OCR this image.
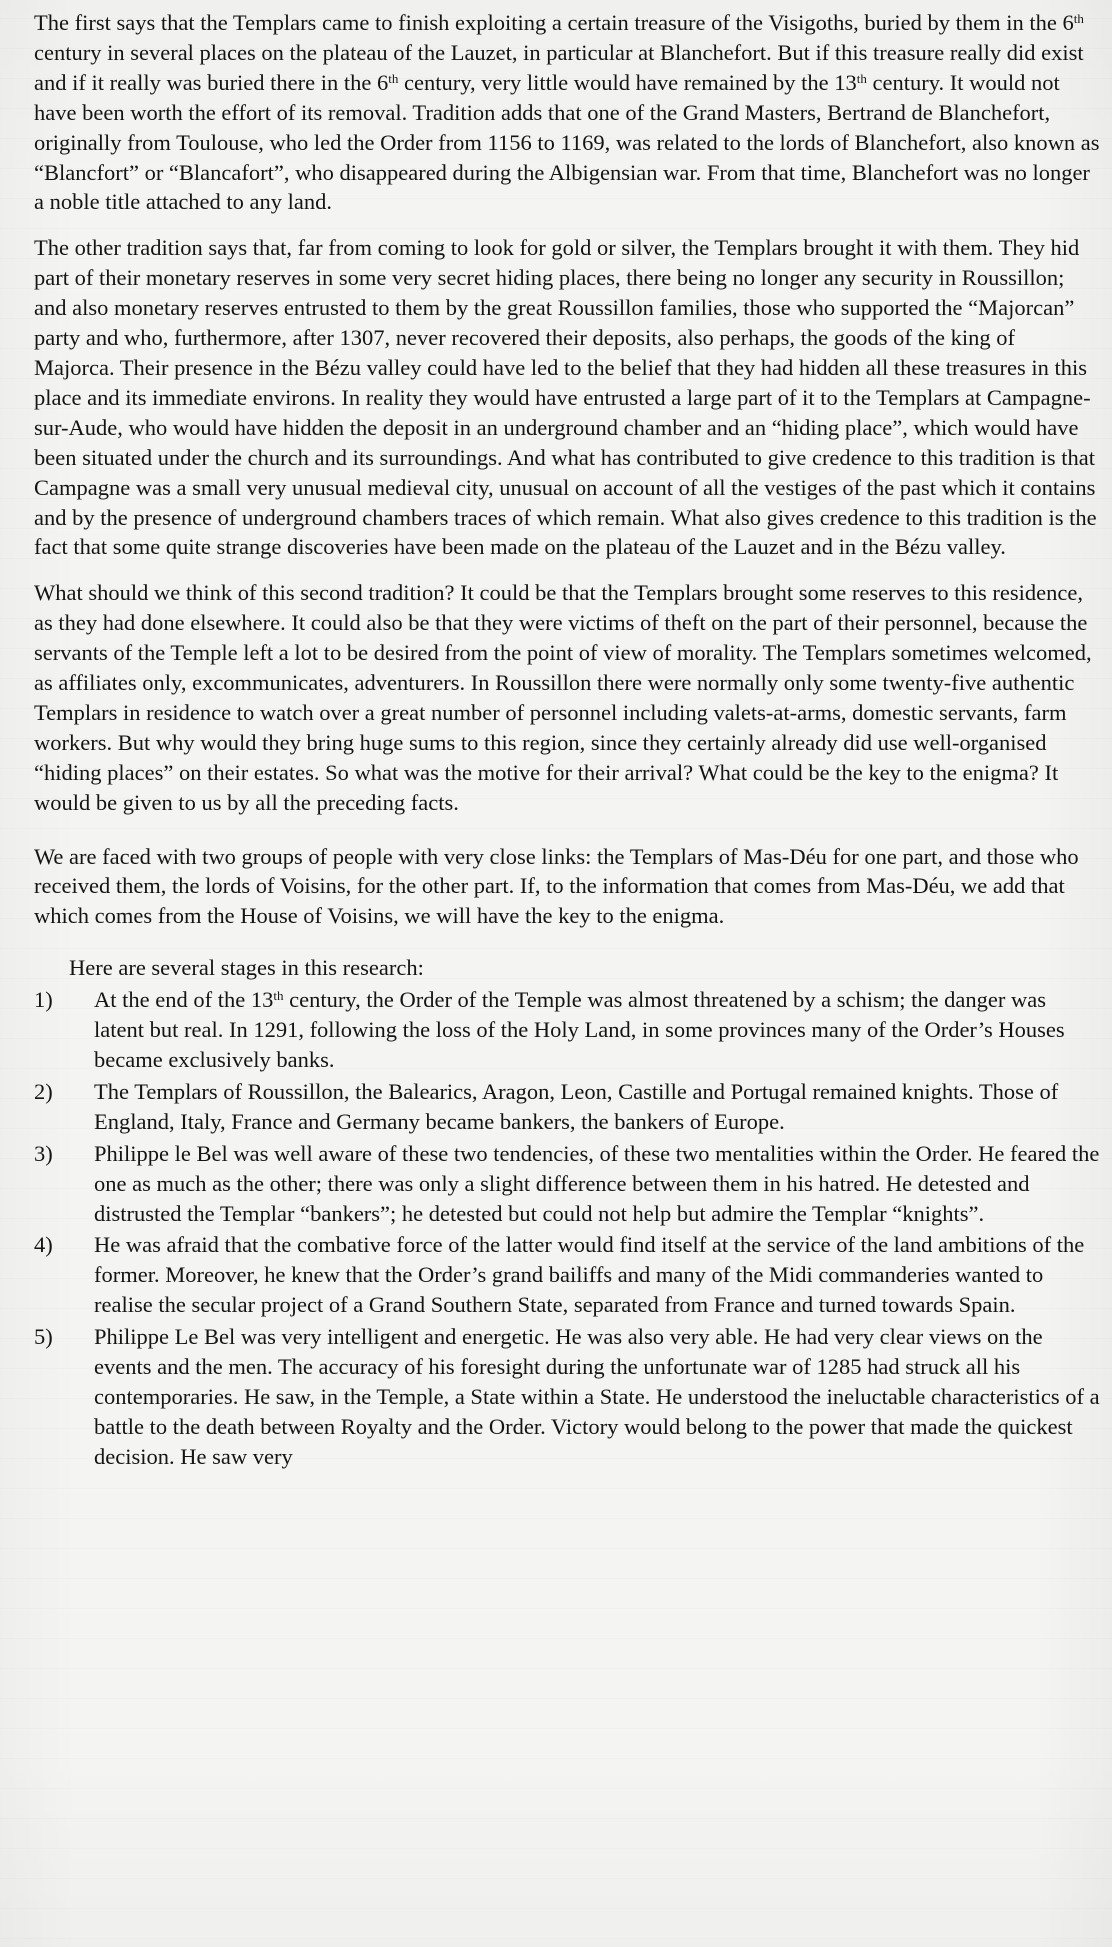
The first says that the Templars came to finish exploiting a certain treasure of the Visigoths, buried by them in the 6th century in several places on the plateau of the Lauzet, in particular at Blanchefort. But if this treasure really did exist and if it really was buried there in the 6th century, very little would have remained by the 13th century. It would not have been worth the effort of its removal. Tradition adds that one of the Grand Masters, Bertrand de Blanchefort, originally from Toulouse, who led the Order from 1156 to 1169, was related to the lords of Blanchefort, also known as “Blancfort” or “Blancafort”, who disappeared during the Albigensian war. From that time, Blanchefort was no longer a noble title attached to any land.

The other tradition says that, far from coming to look for gold or silver, the Templars brought it with them. They hid part of their monetary reserves in some very secret hiding places, there being no longer any security in Roussillon; and also monetary reserves entrusted to them by the great Roussillon families, those who supported the “Majorcan” party and who, furthermore, after 1307, never recovered their deposits, also perhaps, the goods of the king of Majorca. Their presence in the Bézu valley could have led to the belief that they had hidden all these treasures in this place and its immediate environs. In reality they would have entrusted a large part of it to the Templars at Campagne-sur-Aude, who would have hidden the deposit in an underground chamber and an “hiding place”, which would have been situated under the church and its surroundings. And what has contributed to give credence to this tradition is that Campagne was a small very unusual medieval city, unusual on account of all the vestiges of the past which it contains and by the presence of underground chambers traces of which remain. What also gives credence to this tradition is the fact that some quite strange discoveries have been made on the plateau of the Lauzet and in the Bézu valley.

What should we think of this second tradition? It could be that the Templars brought some reserves to this residence, as they had done elsewhere. It could also be that they were victims of theft on the part of their personnel, because the servants of the Temple left a lot to be desired from the point of view of morality. The Templars sometimes welcomed, as affiliates only, excommunicates, adventurers. In Roussillon there were normally only some twenty-five authentic Templars in residence to watch over a great number of personnel including valets-at-arms, domestic servants, farm workers. But why would they bring huge sums to this region, since they certainly already did use well-organised “hiding places” on their estates. So what was the motive for their arrival? What could be the key to the enigma? It would be given to us by all the preceding facts.

We are faced with two groups of people with very close links: the Templars of Mas-Déu for one part, and those who received them, the lords of Voisins, for the other part. If, to the information that comes from Mas-Déu, we add that which comes from the House of Voisins, we will have the key to the enigma.

Here are several stages in this research:

1)	At the end of the 13th century, the Order of the Temple was almost threatened by a schism; the danger was latent but real. In 1291, following the loss of the Holy Land, in some provinces many of the Order’s Houses became exclusively banks.
2)	The Templars of Roussillon, the Balearics, Aragon, Leon, Castille and Portugal remained knights. Those of England, Italy, France and Germany became bankers, the bankers of Europe.
3)	Philippe le Bel was well aware of these two tendencies, of these two mentalities within the Order. He feared the one as much as the other; there was only a slight difference between them in his hatred. He detested and distrusted the Templar “bankers”; he detested but could not help but admire the Templar “knights”.
4)	He was afraid that the combative force of the latter would find itself at the service of the land ambitions of the former. Moreover, he knew that the Order’s grand bailiffs and many of the Midi commanderies wanted to realise the secular project of a Grand Southern State, separated from France and turned towards Spain.
5)	Philippe Le Bel was very intelligent and energetic. He was also very able. He had very clear views on the events and the men. The accuracy of his foresight during the unfortunate war of 1285 had struck all his contemporaries. He saw, in the Temple, a State within a State. He understood the ineluctable characteristics of a battle to the death between Royalty and the Order. Victory would belong to the power that made the quickest decision. He saw very
